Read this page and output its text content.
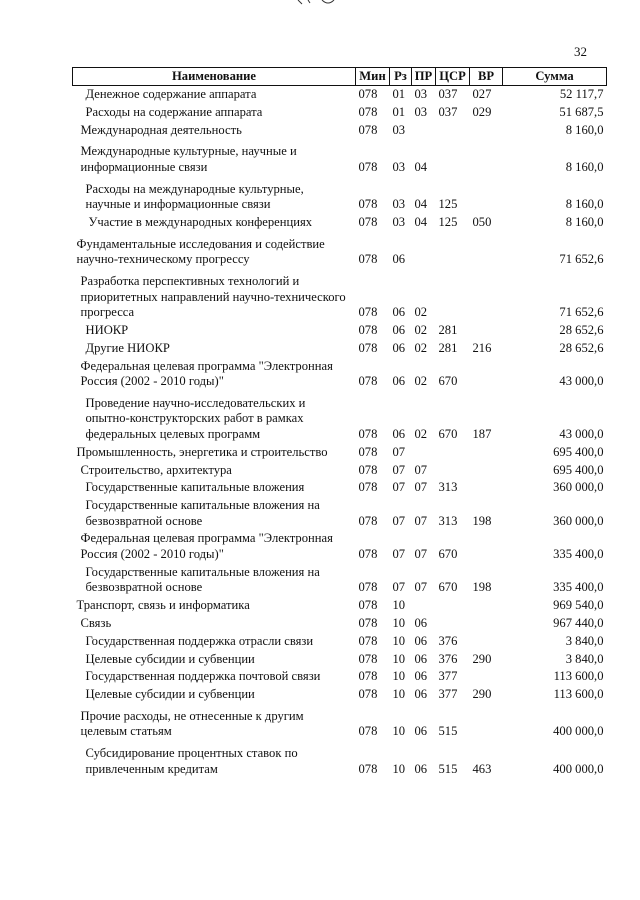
32
Наименование	Мин	Рз	ПР	ЦСР	ВР	Сумма
Денежное содержание аппарата	078	01	03	037	027	52 117,7
Расходы на содержание аппарата	078	01	03	037	029	51 687,5
Международная деятельность	078	03				8 160,0
Международные культурные, научные и информационные связи	078	03	04			8 160,0
Расходы на международные культурные, научные и информационные связи	078	03	04	125		8 160,0
Участие в международных конференциях	078	03	04	125	050	8 160,0
Фундаментальные исследования и содействие научно-техническому прогрессу	078	06				71 652,6
Разработка перспективных технологий и приоритетных направлений научно-технического прогресса	078	06	02			71 652,6
НИОКР	078	06	02	281		28 652,6
Другие НИОКР	078	06	02	281	216	28 652,6
Федеральная целевая программа "Электронная Россия (2002 - 2010 годы)"	078	06	02	670		43 000,0
Проведение научно-исследовательских и опытно-конструкторских работ в рамках федеральных целевых программ	078	06	02	670	187	43 000,0
Промышленность, энергетика и строительство	078	07				695 400,0
Строительство, архитектура	078	07	07			695 400,0
Государственные капитальные вложения	078	07	07	313		360 000,0
Государственные капитальные вложения на безвозвратной основе	078	07	07	313	198	360 000,0
Федеральная целевая программа "Электронная Россия (2002 - 2010 годы)"	078	07	07	670		335 400,0
Государственные капитальные вложения на безвозвратной основе	078	07	07	670	198	335 400,0
Транспорт, связь и информатика	078	10				969 540,0
Связь	078	10	06			967 440,0
Государственная поддержка отрасли связи	078	10	06	376		3 840,0
Целевые субсидии и субвенции	078	10	06	376	290	3 840,0
Государственная поддержка почтовой связи	078	10	06	377		113 600,0
Целевые субсидии и субвенции	078	10	06	377	290	113 600,0
Прочие расходы, не отнесенные к другим целевым статьям	078	10	06	515		400 000,0
Субсидирование процентных ставок по привлеченным кредитам	078	10	06	515	463	400 000,0
